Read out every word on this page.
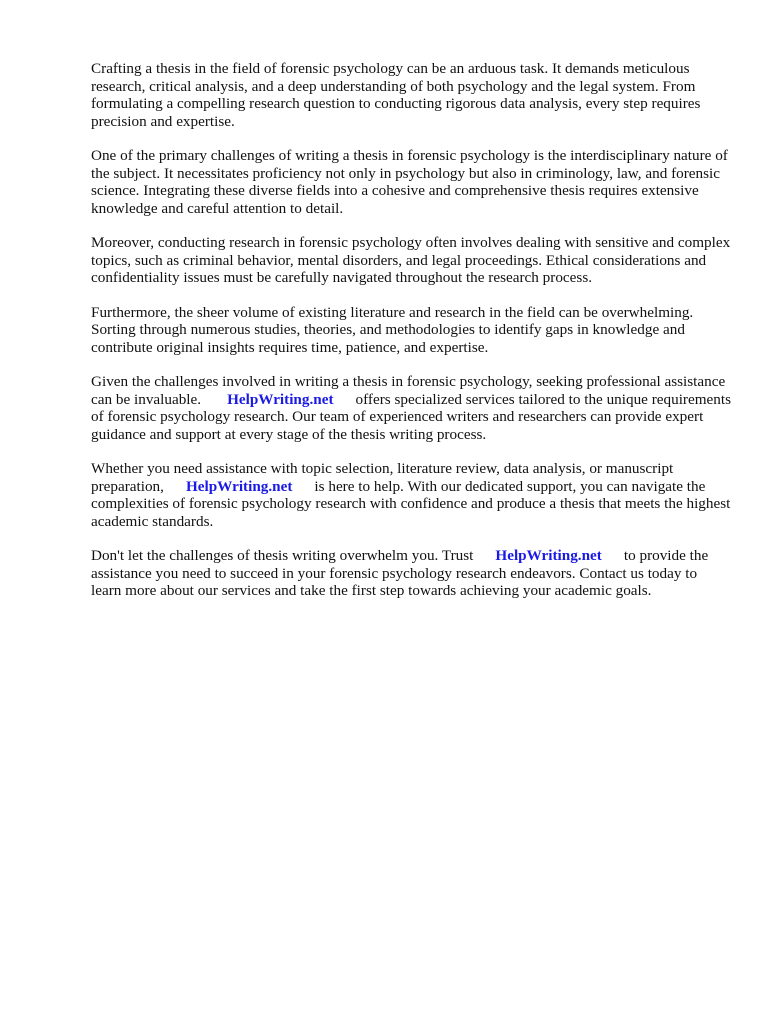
Crafting a thesis in the field of forensic psychology can be an arduous task. It demands meticulous research, critical analysis, and a deep understanding of both psychology and the legal system. From formulating a compelling research question to conducting rigorous data analysis, every step requires precision and expertise.

One of the primary challenges of writing a thesis in forensic psychology is the interdisciplinary nature of the subject. It necessitates proficiency not only in psychology but also in criminology, law, and forensic science. Integrating these diverse fields into a cohesive and comprehensive thesis requires extensive knowledge and careful attention to detail.

Moreover, conducting research in forensic psychology often involves dealing with sensitive and complex topics, such as criminal behavior, mental disorders, and legal proceedings. Ethical considerations and confidentiality issues must be carefully navigated throughout the research process.

Furthermore, the sheer volume of existing literature and research in the field can be overwhelming. Sorting through numerous studies, theories, and methodologies to identify gaps in knowledge and contribute original insights requires time, patience, and expertise.

Given the challenges involved in writing a thesis in forensic psychology, seeking professional assistance can be invaluable. HelpWriting.net offers specialized services tailored to the unique requirements of forensic psychology research. Our team of experienced writers and researchers can provide expert guidance and support at every stage of the thesis writing process.

Whether you need assistance with topic selection, literature review, data analysis, or manuscript preparation, HelpWriting.net is here to help. With our dedicated support, you can navigate the complexities of forensic psychology research with confidence and produce a thesis that meets the highest academic standards.

Don't let the challenges of thesis writing overwhelm you. Trust HelpWriting.net to provide the assistance you need to succeed in your forensic psychology research endeavors. Contact us today to learn more about our services and take the first step towards achieving your academic goals.
